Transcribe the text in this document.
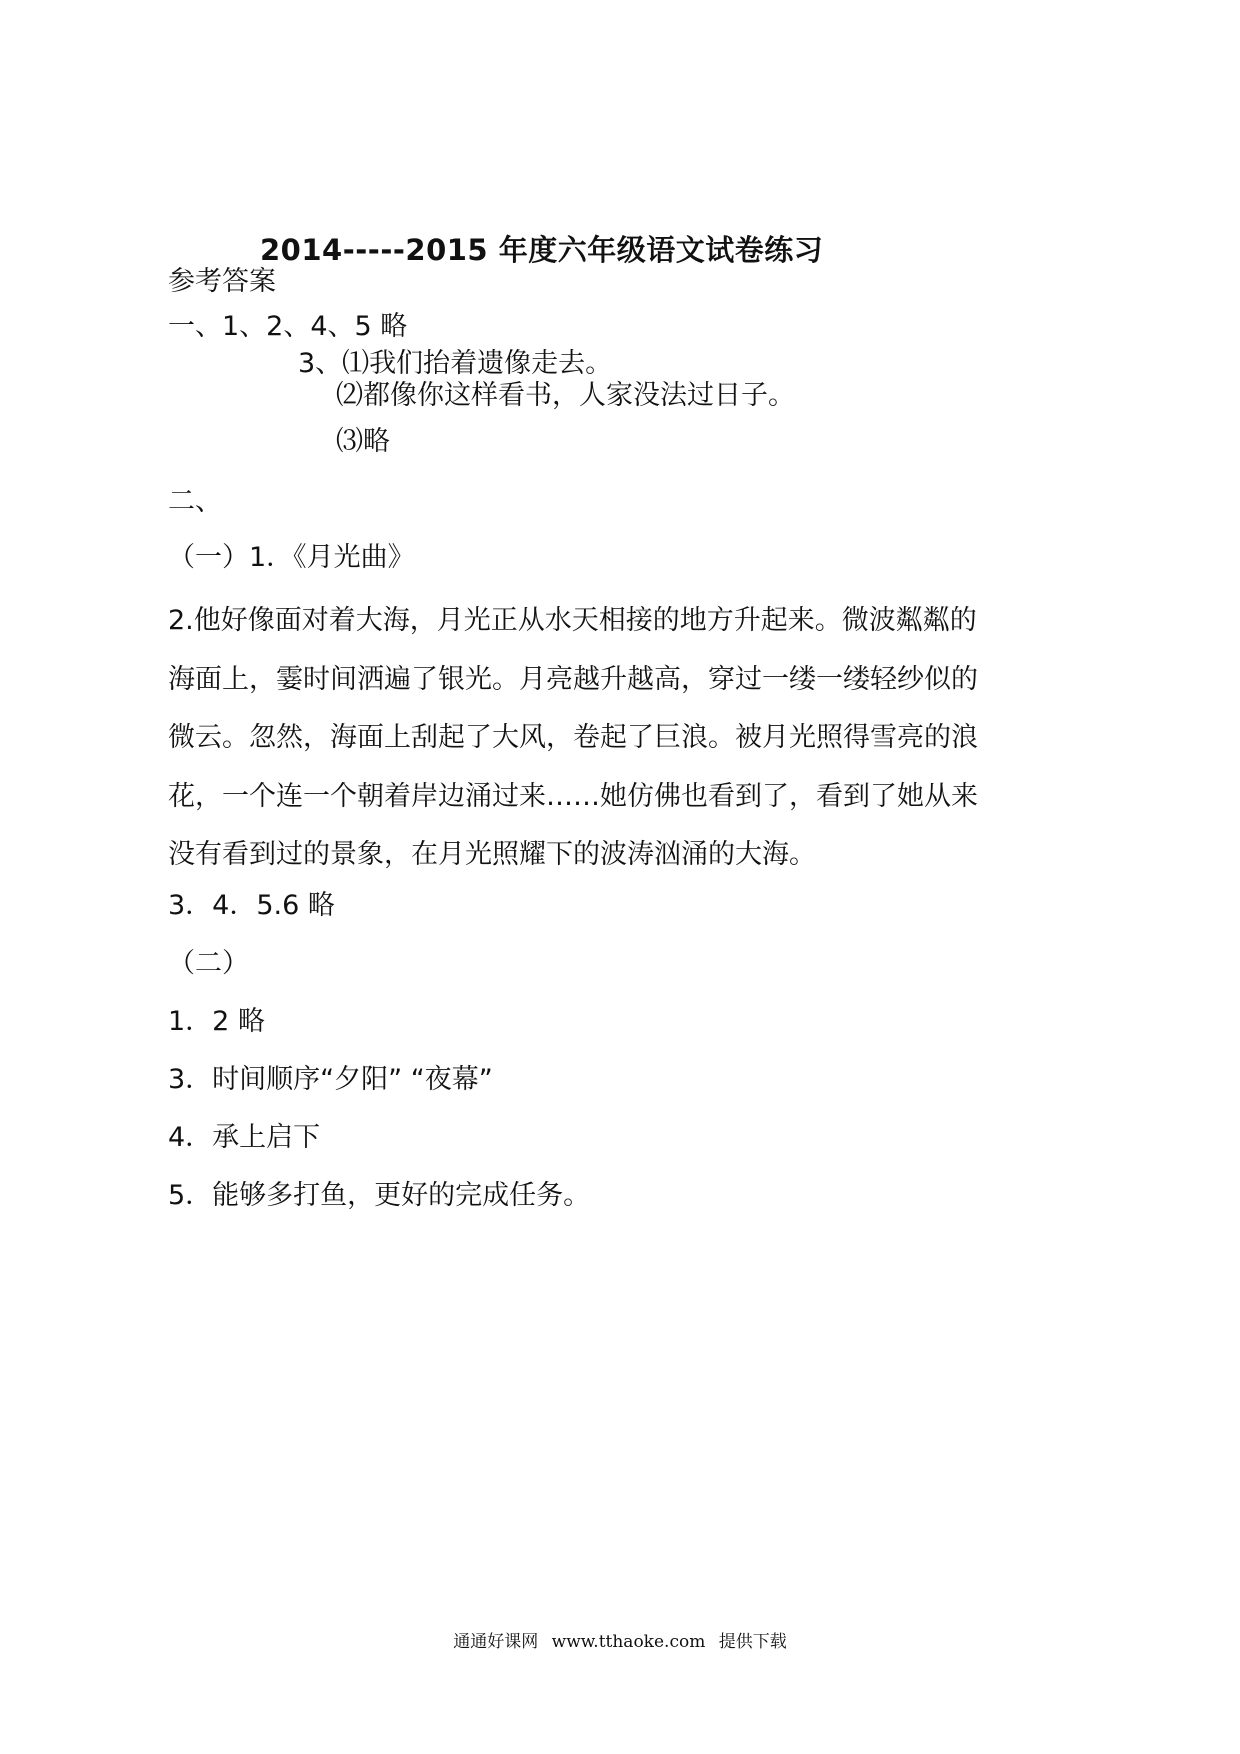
2014-----2015 年度六年级语文试卷练习
参考答案
一、1、2、4、5 略
3、⑴我们抬着遗像走去。
⑵都像你这样看书，人家没法过日子。
⑶略
二、
（一）1．《月光曲》
2.他好像面对着大海，月光正从水天相接的地方升起来。微波粼粼的
海面上，霎时间洒遍了银光。月亮越升越高，穿过一缕一缕轻纱似的
微云。忽然，海面上刮起了大风，卷起了巨浪。被月光照得雪亮的浪
花，一个连一个朝着岸边涌过来……她仿佛也看到了，看到了她从来
没有看到过的景象，在月光照耀下的波涛汹涌的大海。
3．4．5.6 略
（二）
1．2 略
3．时间顺序“夕阳” “夜幕”
4．承上启下
5．能够多打鱼，更好的完成任务。
通通好课网 www.tthaoke.com 提供下载
